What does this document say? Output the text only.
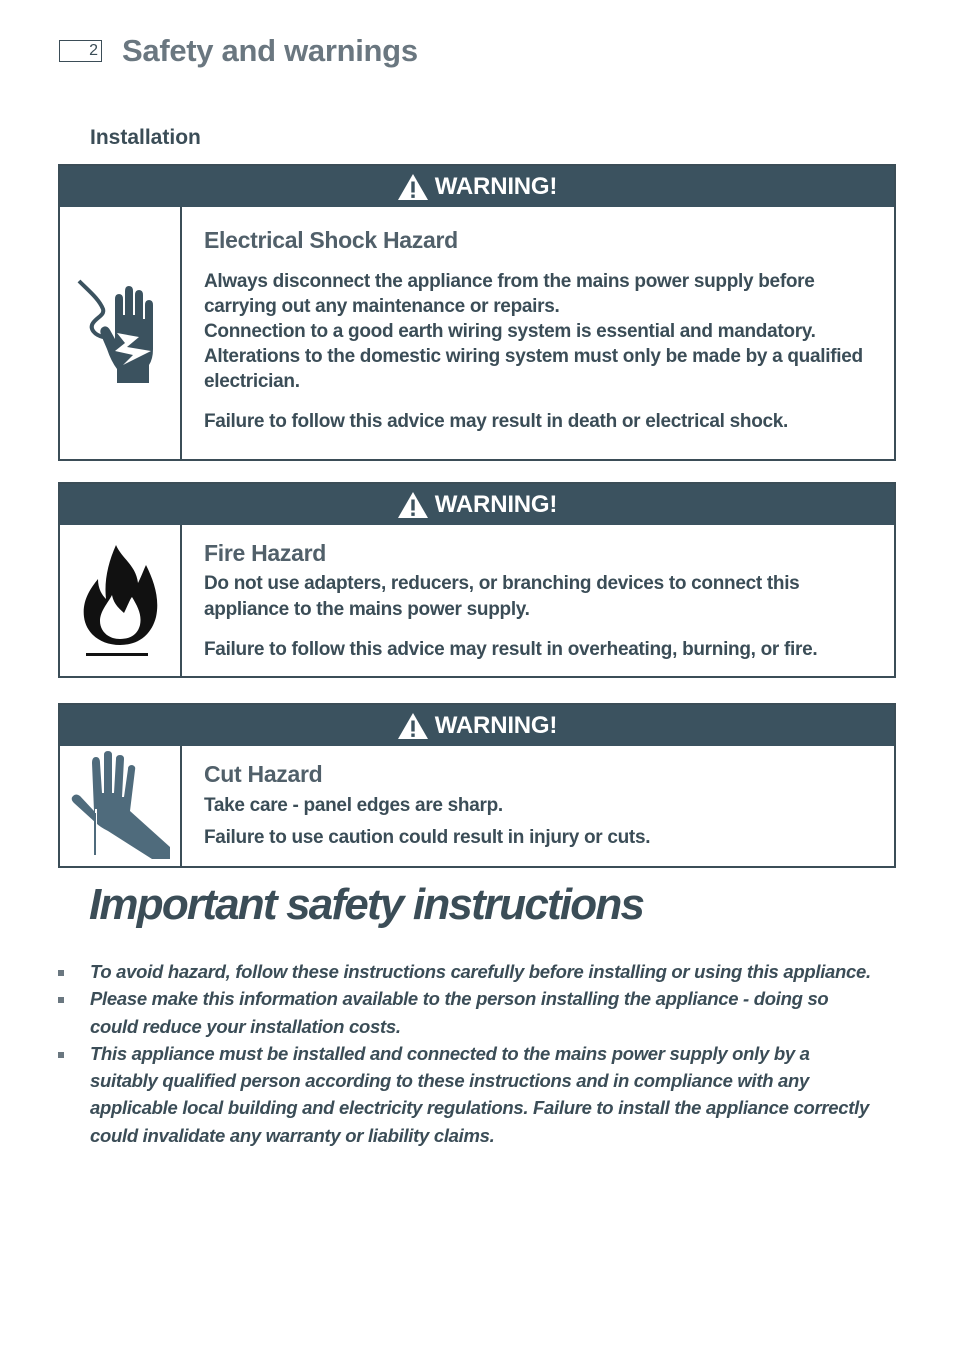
2 Safety and warnings
Installation
WARNING!
Electrical Shock Hazard
Always disconnect the appliance from the mains power supply before carrying out any maintenance or repairs.
Connection to a good earth wiring system is essential and mandatory.
Alterations to the domestic wiring system must only be made by a qualified electrician.
Failure to follow this advice may result in death or electrical shock.
WARNING!
Fire Hazard
Do not use adapters, reducers, or branching devices to connect this appliance to the mains power supply.
Failure to follow this advice may result in overheating, burning, or fire.
WARNING!
Cut Hazard
Take care - panel edges are sharp.
Failure to use caution could result in injury or cuts.
Important safety instructions
To avoid hazard, follow these instructions carefully before installing or using this appliance.
Please make this information available to the person installing the appliance - doing so could reduce your installation costs.
This appliance must be installed and connected to the mains power supply only by a suitably qualified person according to these instructions and in compliance with any applicable local building and electricity regulations. Failure to install the appliance correctly could invalidate any warranty or liability claims.
